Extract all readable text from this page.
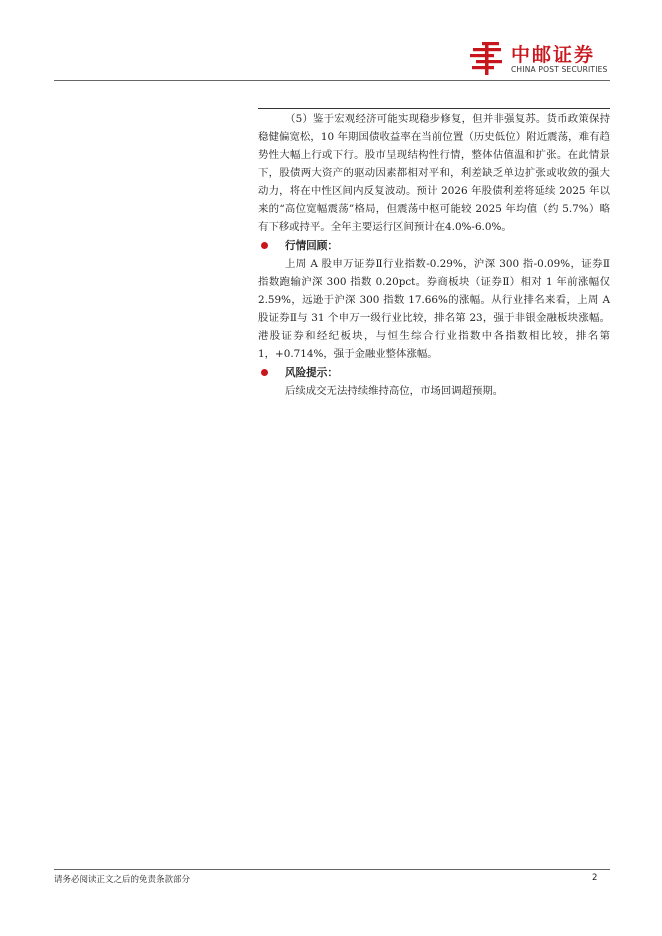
中邮证券
CHINA POST SECURITIES

（5）鉴于宏观经济可能实现稳步修复，但并非强复苏。货币政策保持稳健偏宽松，10 年期国债收益率在当前位置（历史低位）附近震荡，难有趋势性大幅上行或下行。股市呈现结构性行情，整体估值温和扩张。在此情景下，股债两大资产的驱动因素都相对平和，利差缺乏单边扩张或收敛的强大动力，将在中性区间内反复波动。预计 2026 年股债利差将延续 2025 年以来的“高位宽幅震荡”格局，但震荡中枢可能较 2025 年均值（约 5.7%）略有下移或持平。全年主要运行区间预计在4.0%-6.0%。

行情回顾：

上周 A 股申万证券Ⅱ行业指数-0.29%，沪深 300 指-0.09%，证券Ⅱ指数跑输沪深 300 指数 0.20pct。券商板块（证券Ⅱ）相对 1 年前涨幅仅 2.59%，远逊于沪深 300 指数 17.66%的涨幅。从行业排名来看，上周 A 股证券Ⅱ与 31 个申万一级行业比较，排名第 23，强于非银金融板块涨幅。港股证券和经纪板块，与恒生综合行业指数中各指数相比较，排名第 1，+0.714%，强于金融业整体涨幅。

风险提示：

后续成交无法持续维持高位，市场回调超预期。

请务必阅读正文之后的免责条款部分	2
